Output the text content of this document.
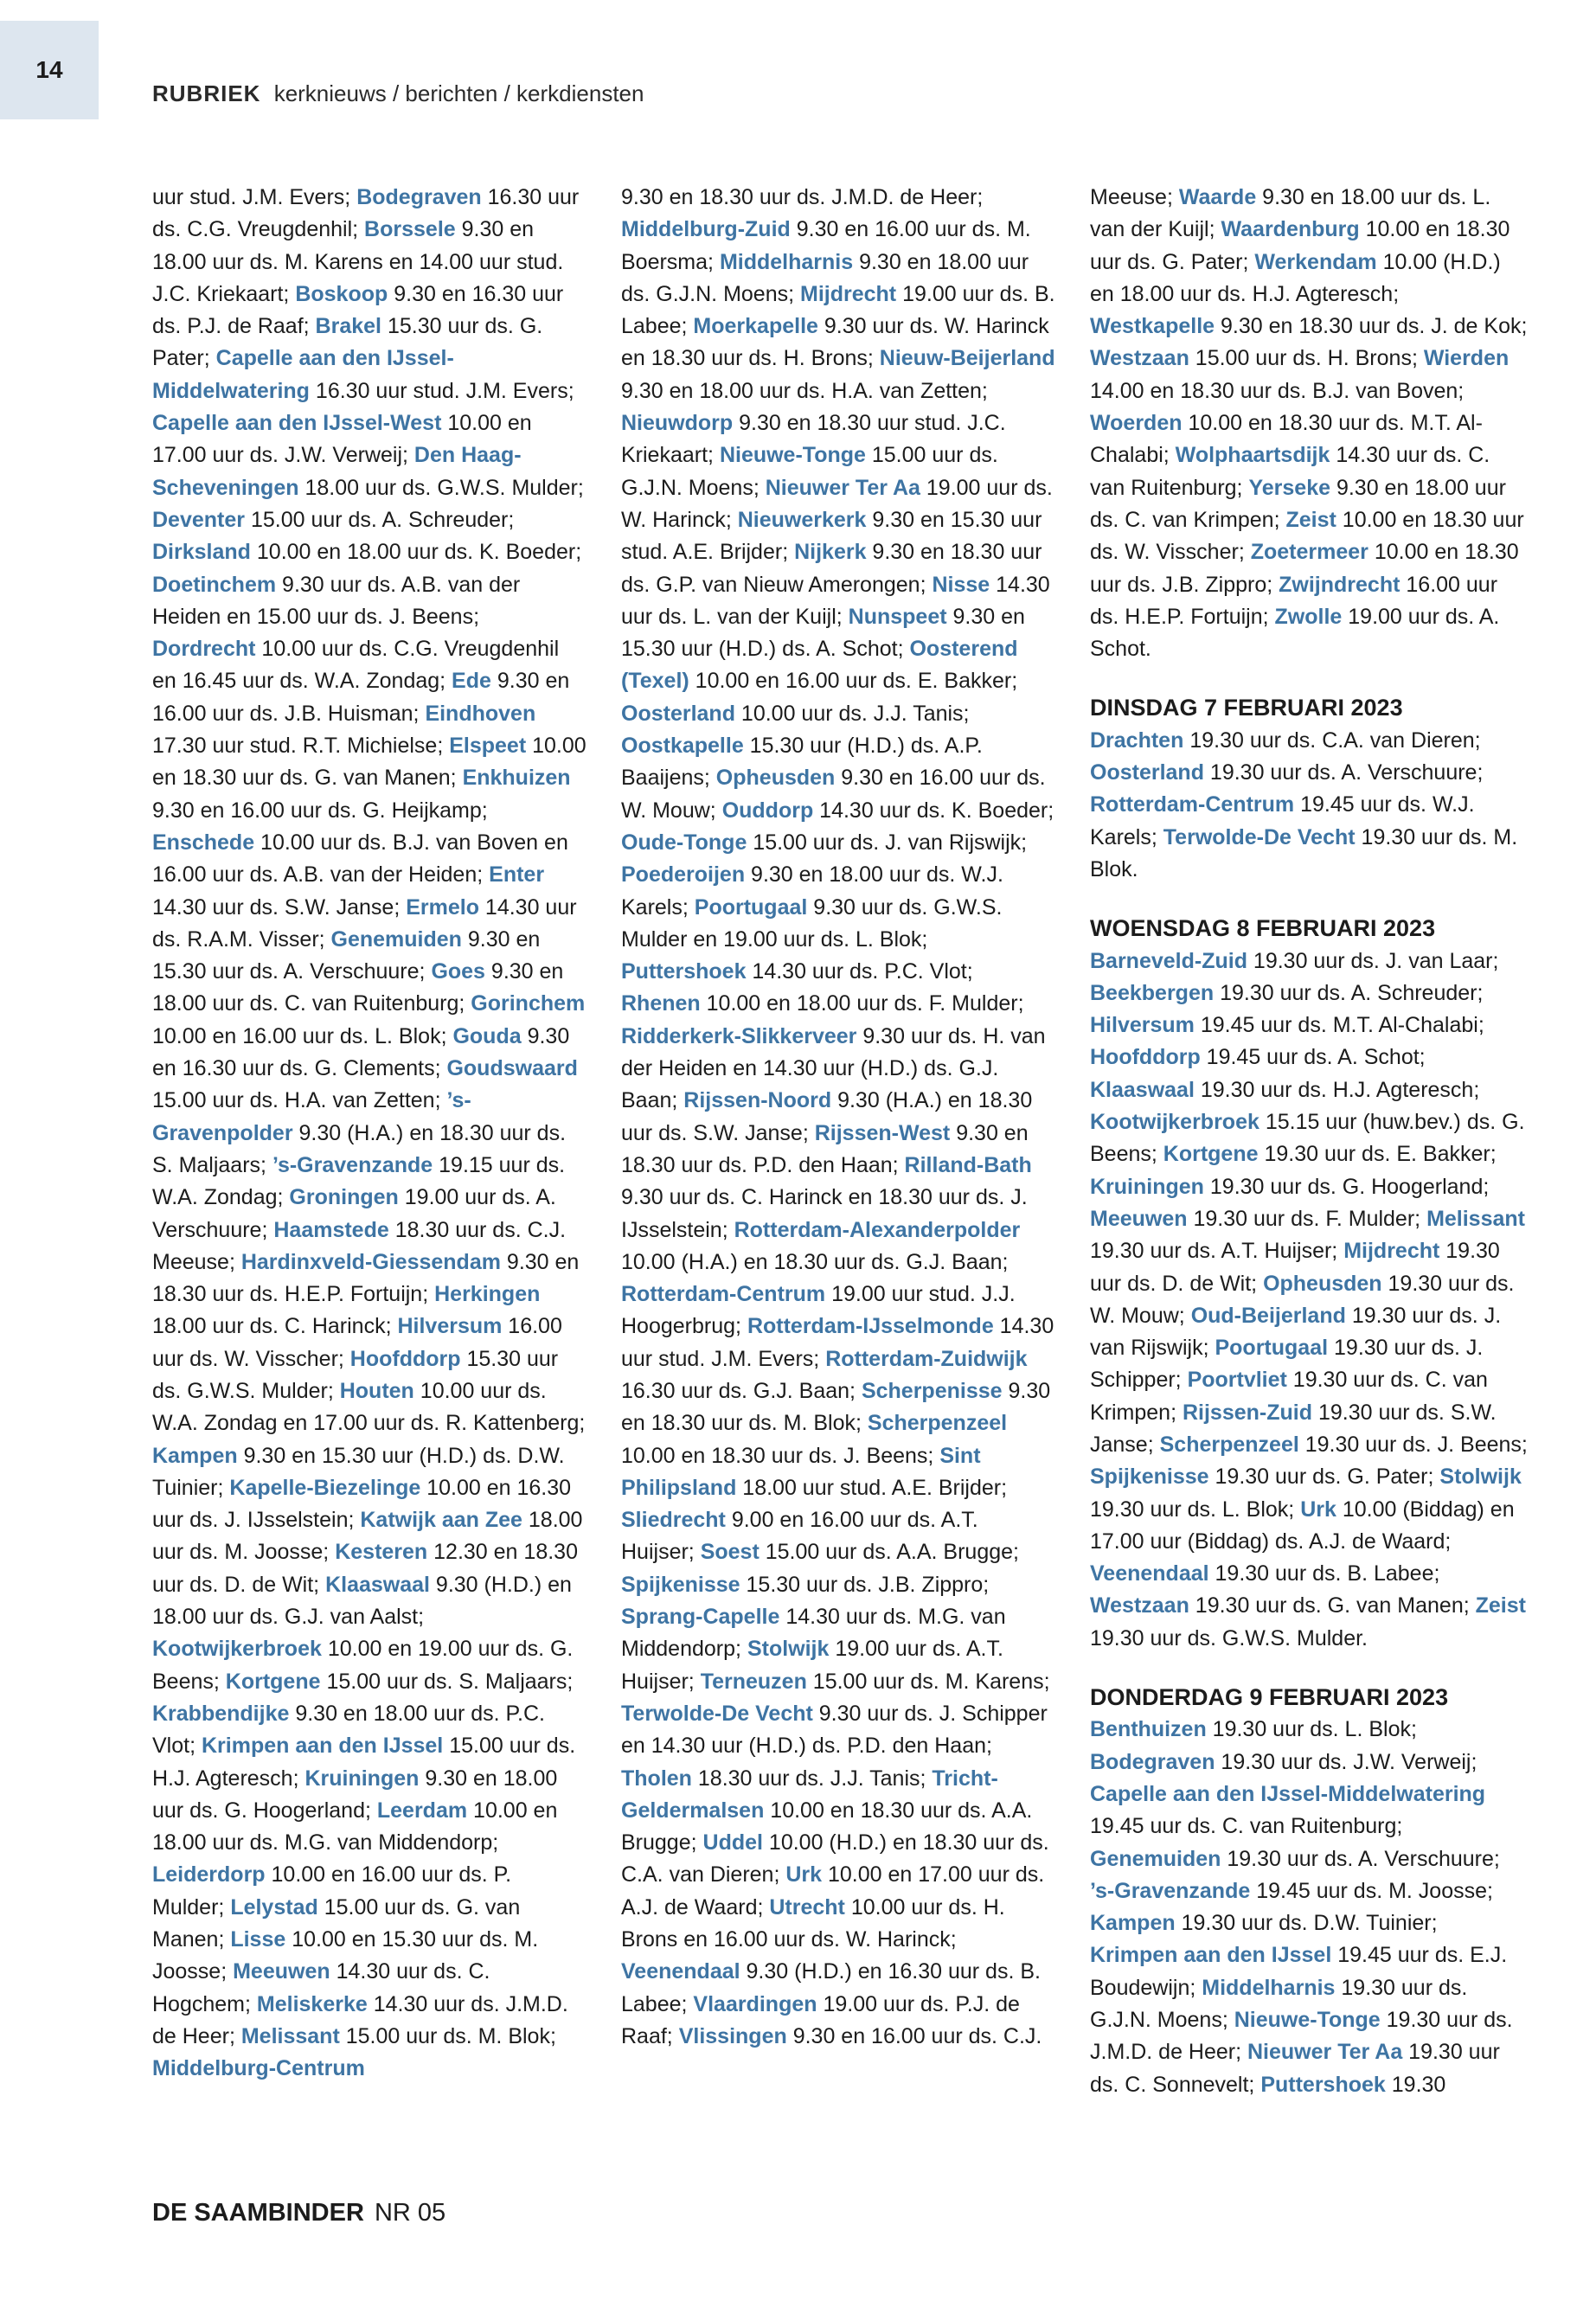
14
RUBRIEK kerknieuws / berichten / kerkdiensten

uur stud. J.M. Evers; Bodegraven 16.30 uur ds. C.G. Vreugdenhil; Borssele 9.30 en 18.00 uur ds. M. Karens en 14.00 uur stud. J.C. Kriekaart; Boskoop 9.30 en 16.30 uur ds. P.J. de Raaf; Brakel 15.30 uur ds. G. Pater; Capelle aan den IJssel-Middelwatering 16.30 uur stud. J.M. Evers; Capelle aan den IJssel-West 10.00 en 17.00 uur ds. J.W. Verweij; Den Haag-Scheveningen 18.00 uur ds. G.W.S. Mulder; Deventer 15.00 uur ds. A. Schreuder; Dirksland 10.00 en 18.00 uur ds. K. Boeder; Doetinchem 9.30 uur ds. A.B. van der Heiden en 15.00 uur ds. J. Beens; Dordrecht 10.00 uur ds. C.G. Vreugdenhil en 16.45 uur ds. W.A. Zondag; Ede 9.30 en 16.00 uur ds. J.B. Huisman; Eindhoven 17.30 uur stud. R.T. Michielse; Elspeet 10.00 en 18.30 uur ds. G. van Manen; Enkhuizen 9.30 en 16.00 uur ds. G. Heijkamp; Enschede 10.00 uur ds. B.J. van Boven en 16.00 uur ds. A.B. van der Heiden; Enter 14.30 uur ds. S.W. Janse; Ermelo 14.30 uur ds. R.A.M. Visser; Genemuiden 9.30 en 15.30 uur ds. A. Verschuure; Goes 9.30 en 18.00 uur ds. C. van Ruitenburg; Gorinchem 10.00 en 16.00 uur ds. L. Blok; Gouda 9.30 en 16.30 uur ds. G. Clements; Goudswaard 15.00 uur ds. H.A. van Zetten; ’s-Gravenpolder 9.30 (H.A.) en 18.30 uur ds. S. Maljaars; ’s-Gravenzande 19.15 uur ds. W.A. Zondag; Groningen 19.00 uur ds. A. Verschuure; Haamstede 18.30 uur ds. C.J. Meeuse; Hardinxveld-Giessendam 9.30 en 18.30 uur ds. H.E.P. Fortuijn; Herkingen 18.00 uur ds. C. Harinck; Hilversum 16.00 uur ds. W. Visscher; Hoofddorp 15.30 uur ds. G.W.S. Mulder; Houten 10.00 uur ds. W.A. Zondag en 17.00 uur ds. R. Kattenberg; Kampen 9.30 en 15.30 uur (H.D.) ds. D.W. Tuinier; Kapelle-Biezelinge 10.00 en 16.30 uur ds. J. IJsselstein; Katwijk aan Zee 18.00 uur ds. M. Joosse; Kesteren 12.30 en 18.30 uur ds. D. de Wit; Klaaswaal 9.30 (H.D.) en 18.00 uur ds. G.J. van Aalst; Kootwijkerbroek 10.00 en 19.00 uur ds. G. Beens; Kortgene 15.00 uur ds. S. Maljaars; Krabbendijke 9.30 en 18.00 uur ds. P.C. Vlot; Krimpen aan den IJssel 15.00 uur ds. H.J. Agteresch; Kruiningen 9.30 en 18.00 uur ds. G. Hoogerland; Leerdam 10.00 en 18.00 uur ds. M.G. van Middendorp; Leiderdorp 10.00 en 16.00 uur ds. P. Mulder; Lelystad 15.00 uur ds. G. van Manen; Lisse 10.00 en 15.30 uur ds. M. Joosse; Meeuwen 14.30 uur ds. C. Hogchem; Meliskerke 14.30 uur ds. J.M.D. de Heer; Melissant 15.00 uur ds. M. Blok; Middelburg-Centrum

9.30 en 18.30 uur ds. J.M.D. de Heer; Middelburg-Zuid 9.30 en 16.00 uur ds. M. Boersma; Middelharnis 9.30 en 18.00 uur ds. G.J.N. Moens; Mijdrecht 19.00 uur ds. B. Labee; Moerkapelle 9.30 uur ds. W. Harinck en 18.30 uur ds. H. Brons; Nieuw-Beijerland 9.30 en 18.00 uur ds. H.A. van Zetten; Nieuwdorp 9.30 en 18.30 uur stud. J.C. Kriekaart; Nieuwe-Tonge 15.00 uur ds. G.J.N. Moens; Nieuwer Ter Aa 19.00 uur ds. W. Harinck; Nieuwerkerk 9.30 en 15.30 uur stud. A.E. Brijder; Nijkerk 9.30 en 18.30 uur ds. G.P. van Nieuw Amerongen; Nisse 14.30 uur ds. L. van der Kuijl; Nunspeet 9.30 en 15.30 uur (H.D.) ds. A. Schot; Oosterend (Texel) 10.00 en 16.00 uur ds. E. Bakker; Oosterland 10.00 uur ds. J.J. Tanis; Oostkapelle 15.30 uur (H.D.) ds. A.P. Baaijens; Opheusden 9.30 en 16.00 uur ds. W. Mouw; Ouddorp 14.30 uur ds. K. Boeder; Oude-Tonge 15.00 uur ds. J. van Rijswijk; Poederoijen 9.30 en 18.00 uur ds. W.J. Karels; Poortugaal 9.30 uur ds. G.W.S. Mulder en 19.00 uur ds. L. Blok; Puttershoek 14.30 uur ds. P.C. Vlot; Rhenen 10.00 en 18.00 uur ds. F. Mulder; Ridderkerk-Slikkerveer 9.30 uur ds. H. van der Heiden en 14.30 uur (H.D.) ds. G.J. Baan; Rijssen-Noord 9.30 (H.A.) en 18.30 uur ds. S.W. Janse; Rijssen-West 9.30 en 18.30 uur ds. P.D. den Haan; Rilland-Bath 9.30 uur ds. C. Harinck en 18.30 uur ds. J. IJsselstein; Rotterdam-Alexanderpolder 10.00 (H.A.) en 18.30 uur ds. G.J. Baan; Rotterdam-Centrum 19.00 uur stud. J.J. Hoogerbrug; Rotterdam-IJsselmonde 14.30 uur stud. J.M. Evers; Rotterdam-Zuidwijk 16.30 uur ds. G.J. Baan; Scherpenisse 9.30 en 18.30 uur ds. M. Blok; Scherpenzeel 10.00 en 18.30 uur ds. J. Beens; Sint Philipsland 18.00 uur stud. A.E. Brijder; Sliedrecht 9.00 en 16.00 uur ds. A.T. Huijser; Soest 15.00 uur ds. A.A. Brugge; Spijkenisse 15.30 uur ds. J.B. Zippro; Sprang-Capelle 14.30 uur ds. M.G. van Middendorp; Stolwijk 19.00 uur ds. A.T. Huijser; Terneuzen 15.00 uur ds. M. Karens; Terwolde-De Vecht 9.30 uur ds. J. Schipper en 14.30 uur (H.D.) ds. P.D. den Haan; Tholen 18.30 uur ds. J.J. Tanis; Tricht-Geldermalsen 10.00 en 18.30 uur ds. A.A. Brugge; Uddel 10.00 (H.D.) en 18.30 uur ds. C.A. van Dieren; Urk 10.00 en 17.00 uur ds. A.J. de Waard; Utrecht 10.00 uur ds. H. Brons en 16.00 uur ds. W. Harinck; Veenendaal 9.30 (H.D.) en 16.30 uur ds. B. Labee; Vlaardingen 19.00 uur ds. P.J. de Raaf; Vlissingen 9.30 en 16.00 uur ds. C.J.

Meeuse; Waarde 9.30 en 18.00 uur ds. L. van der Kuijl; Waardenburg 10.00 en 18.30 uur ds. G. Pater; Werkendam 10.00 (H.D.) en 18.00 uur ds. H.J. Agteresch; Westkapelle 9.30 en 18.30 uur ds. J. de Kok; Westzaan 15.00 uur ds. H. Brons; Wierden 14.00 en 18.30 uur ds. B.J. van Boven; Woerden 10.00 en 18.30 uur ds. M.T. Al-Chalabi; Wolphaartsdijk 14.30 uur ds. C. van Ruitenburg; Yerseke 9.30 en 18.00 uur ds. C. van Krimpen; Zeist 10.00 en 18.30 uur ds. W. Visscher; Zoetermeer 10.00 en 18.30 uur ds. J.B. Zippro; Zwijndrecht 16.00 uur ds. H.E.P. Fortuijn; Zwolle 19.00 uur ds. A. Schot.

DINSDAG 7 FEBRUARI 2023

Drachten 19.30 uur ds. C.A. van Dieren; Oosterland 19.30 uur ds. A. Verschuure; Rotterdam-Centrum 19.45 uur ds. W.J. Karels; Terwolde-De Vecht 19.30 uur ds. M. Blok.

WOENSDAG 8 FEBRUARI 2023

Barneveld-Zuid 19.30 uur ds. J. van Laar; Beekbergen 19.30 uur ds. A. Schreuder; Hilversum 19.45 uur ds. M.T. Al-Chalabi; Hoofddorp 19.45 uur ds. A. Schot; Klaaswaal 19.30 uur ds. H.J. Agteresch; Kootwijkerbroek 15.15 uur (huw.bev.) ds. G. Beens; Kortgene 19.30 uur ds. E. Bakker; Kruiningen 19.30 uur ds. G. Hoogerland; Meeuwen 19.30 uur ds. F. Mulder; Melissant 19.30 uur ds. A.T. Huijser; Mijdrecht 19.30 uur ds. D. de Wit; Opheusden 19.30 uur ds. W. Mouw; Oud-Beijerland 19.30 uur ds. J. van Rijswijk; Poortugaal 19.30 uur ds. J. Schipper; Poortvliet 19.30 uur ds. C. van Krimpen; Rijssen-Zuid 19.30 uur ds. S.W. Janse; Scherpenzeel 19.30 uur ds. J. Beens; Spijkenisse 19.30 uur ds. G. Pater; Stolwijk 19.30 uur ds. L. Blok; Urk 10.00 (Biddag) en 17.00 uur (Biddag) ds. A.J. de Waard; Veenendaal 19.30 uur ds. B. Labee; Westzaan 19.30 uur ds. G. van Manen; Zeist 19.30 uur ds. G.W.S. Mulder.

DONDERDAG 9 FEBRUARI 2023

Benthuizen 19.30 uur ds. L. Blok; Bodegraven 19.30 uur ds. J.W. Verweij; Capelle aan den IJssel-Middelwatering 19.45 uur ds. C. van Ruitenburg; Genemuiden 19.30 uur ds. A. Verschuure; ’s-Gravenzande 19.45 uur ds. M. Joosse; Kampen 19.30 uur ds. D.W. Tuinier; Krimpen aan den IJssel 19.45 uur ds. E.J. Boudewijn; Middelharnis 19.30 uur ds. G.J.N. Moens; Nieuwe-Tonge 19.30 uur ds. J.M.D. de Heer; Nieuwer Ter Aa 19.30 uur ds. C. Sonnevelt; Puttershoek 19.30

DE SAAMBINDER NR 05
